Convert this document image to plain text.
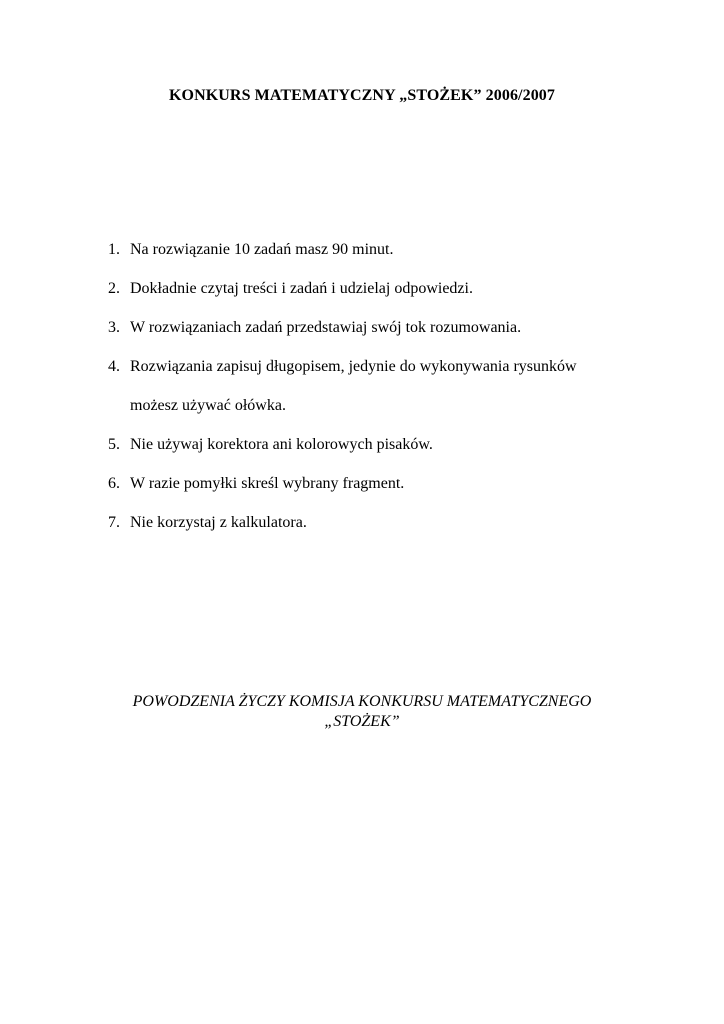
KONKURS MATEMATYCZNY „STOŻEK” 2006/2007
1. Na rozwiązanie 10 zadań masz 90 minut.
2. Dokładnie czytaj treści i zadań i udzielaj odpowiedzi.
3. W rozwiązaniach zadań przedstawiaj swój tok rozumowania.
4. Rozwiązania zapisuj długopisem, jedynie do wykonywania rysunków
możesz używać ołówka.
5. Nie używaj korektora ani kolorowych pisaków.
6. W razie pomyłki skreśl wybrany fragment.
7. Nie korzystaj z kalkulatora.
POWODZENIA ŻYCZY KOMISJA KONKURSU MATEMATYCZNEGO
„STOŻEK”
